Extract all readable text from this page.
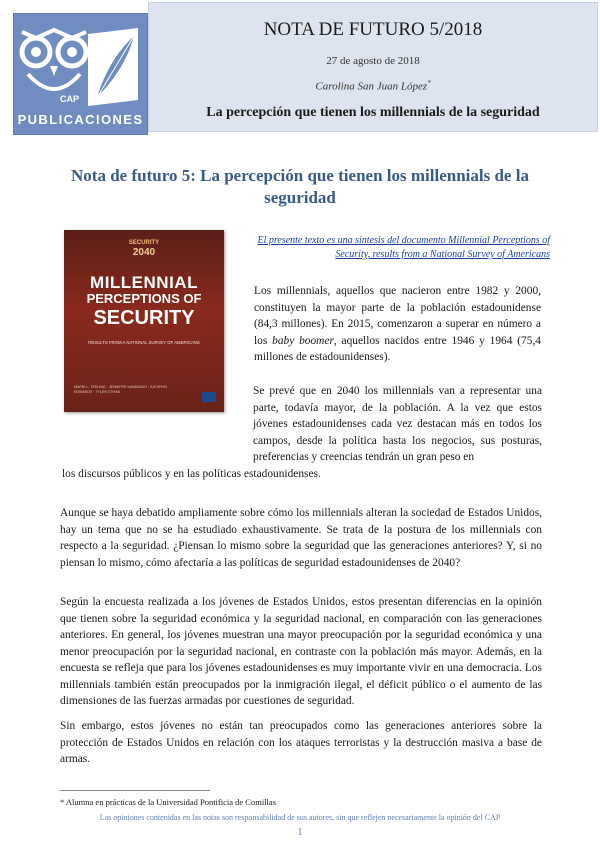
CAP
PUBLICACIONES
NOTA DE FUTURO 5/2018
27 de agosto de 2018
Carolina San Juan López*
La percepción que tienen los millennials de la seguridad
Nota de futuro 5: La percepción que tienen los millennials de la seguridad
SECURITY
2040
MILLENNIAL
PERCEPTIONS OF
SECURITY
RESULTS FROM A NATIONAL SURVEY OF AMERICANS
MARIE L. TEELING · JENNIFER KAVANAGH · KATHRYN EDWARDS · TYLER ETHAN
El presente texto es una síntesis del documento Millennial Perceptions of Security, results from a National Survey of Americans

Los millennials, aquellos que nacieron entre 1982 y 2000, constituyen la mayor parte de la población estadounidense (84,3 millones). En 2015, comenzaron a superar en número a los baby boomer, aquellos nacidos entre 1946 y 1964 (75,4 millones de estadounidenses).

Se prevé que en 2040 los millennials van a representar una parte, todavía mayor, de la población. A la vez que estos jóvenes estadounidenses cada vez destacan más en todos los campos, desde la política hasta los negocios, sus posturas, preferencias y creencias tendrán un gran peso en

los discursos públicos y en las políticas estadounidenses.

Aunque se haya debatido ampliamente sobre cómo los millennials alteran la sociedad de Estados Unidos, hay un tema que no se ha estudiado exhaustivamente. Se trata de la postura de los millennials con respecto a la seguridad. ¿Piensan lo mismo sobre la seguridad que las generaciones anteriores? Y, si no piensan lo mismo, cómo afectaría a las políticas de seguridad estadounidenses de 2040?

Según la encuesta realizada a los jóvenes de Estados Unidos, estos presentan diferencias en la opinión que tienen sobre la seguridad económica y la seguridad nacional, en comparación con las generaciones anteriores. En general, los jóvenes muestran una mayor preocupación por la seguridad económica y una menor preocupación por la seguridad nacional, en contraste con la población más mayor. Además, en la encuesta se refleja que para los jóvenes estadounidenses es muy importante vivir en una democracia. Los millennials también están preocupados por la inmigración ilegal, el déficit público o el aumento de las dimensiones de las fuerzas armadas por cuestiones de seguridad.

Sin embargo, estos jóvenes no están tan preocupados como las generaciones anteriores sobre la protección de Estados Unidos en relación con los ataques terroristas y la destrucción masiva a base de armas.

* Alumna en prácticas de la Universidad Pontificia de Comillas
Las opiniones contenidas en las notas son responsabilidad de sus autores, sin que reflejen necesariamente la opinión del CAP
1
